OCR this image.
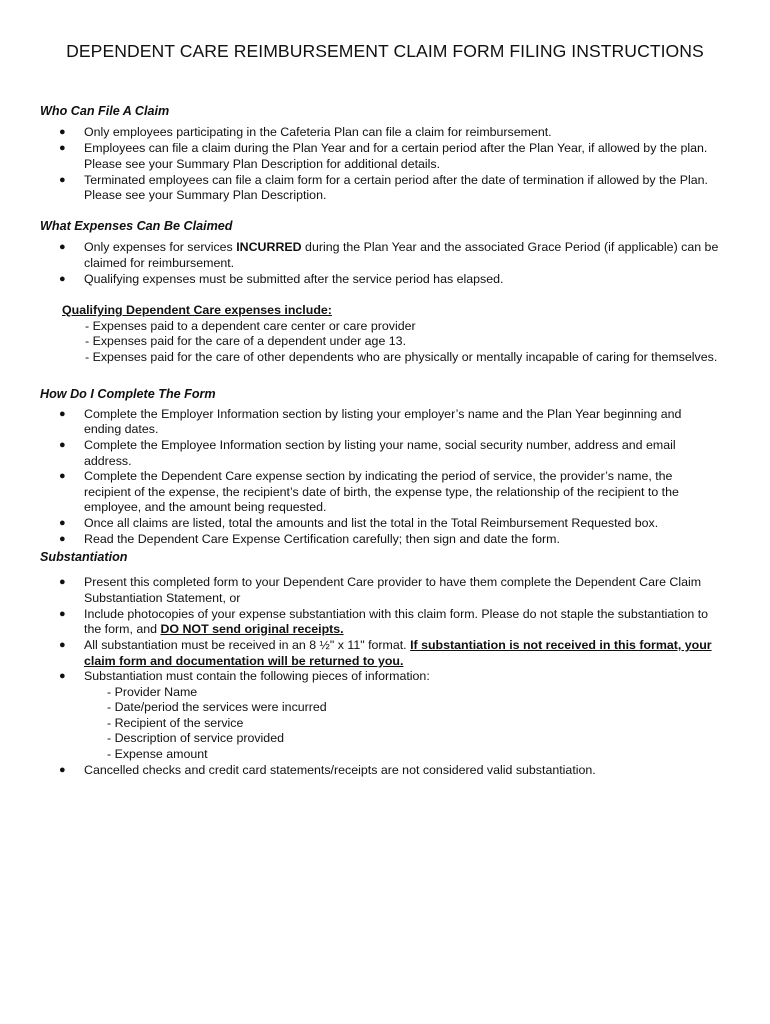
DEPENDENT CARE REIMBURSEMENT CLAIM FORM FILING INSTRUCTIONS
Who Can File A Claim
● Only employees participating in the Cafeteria Plan can file a claim for reimbursement.
● Employees can file a claim during the Plan Year and for a certain period after the Plan Year, if allowed by the plan.
Please see your Summary Plan Description for additional details.
● Terminated employees can file a claim form for a certain period after the date of termination if allowed by the Plan.
Please see your Summary Plan Description.
What Expenses Can Be Claimed
● Only expenses for services INCURRED during the Plan Year and the associated Grace Period (if applicable) can be
claimed for reimbursement.
● Qualifying expenses must be submitted after the service period has elapsed.
Qualifying Dependent Care expenses include:
- Expenses paid to a dependent care center or care provider
- Expenses paid for the care of a dependent under age 13.
- Expenses paid for the care of other dependents who are physically or mentally incapable of caring for themselves.
How Do I Complete The Form
● Complete the Employer Information section by listing your employer’s name and the Plan Year beginning and
ending dates.
● Complete the Employee Information section by listing your name, social security number, address and email
address.
● Complete the Dependent Care expense section by indicating the period of service, the provider’s name, the
recipient of the expense, the recipient’s date of birth, the expense type, the relationship of the recipient to the
employee, and the amount being requested.
● Once all claims are listed, total the amounts and list the total in the Total Reimbursement Requested box.
● Read the Dependent Care Expense Certification carefully; then sign and date the form.
Substantiation
● Present this completed form to your Dependent Care provider to have them complete the Dependent Care Claim
Substantiation Statement, or
● Include photocopies of your expense substantiation with this claim form. Please do not staple the substantiation to
the form, and DO NOT send original receipts.
● All substantiation must be received in an 8 ½" x 11" format. If substantiation is not received in this format, your
claim form and documentation will be returned to you.
● Substantiation must contain the following pieces of information:
- Provider Name
- Date/period the services were incurred
- Recipient of the service
- Description of service provided
- Expense amount
● Cancelled checks and credit card statements/receipts are not considered valid substantiation.
